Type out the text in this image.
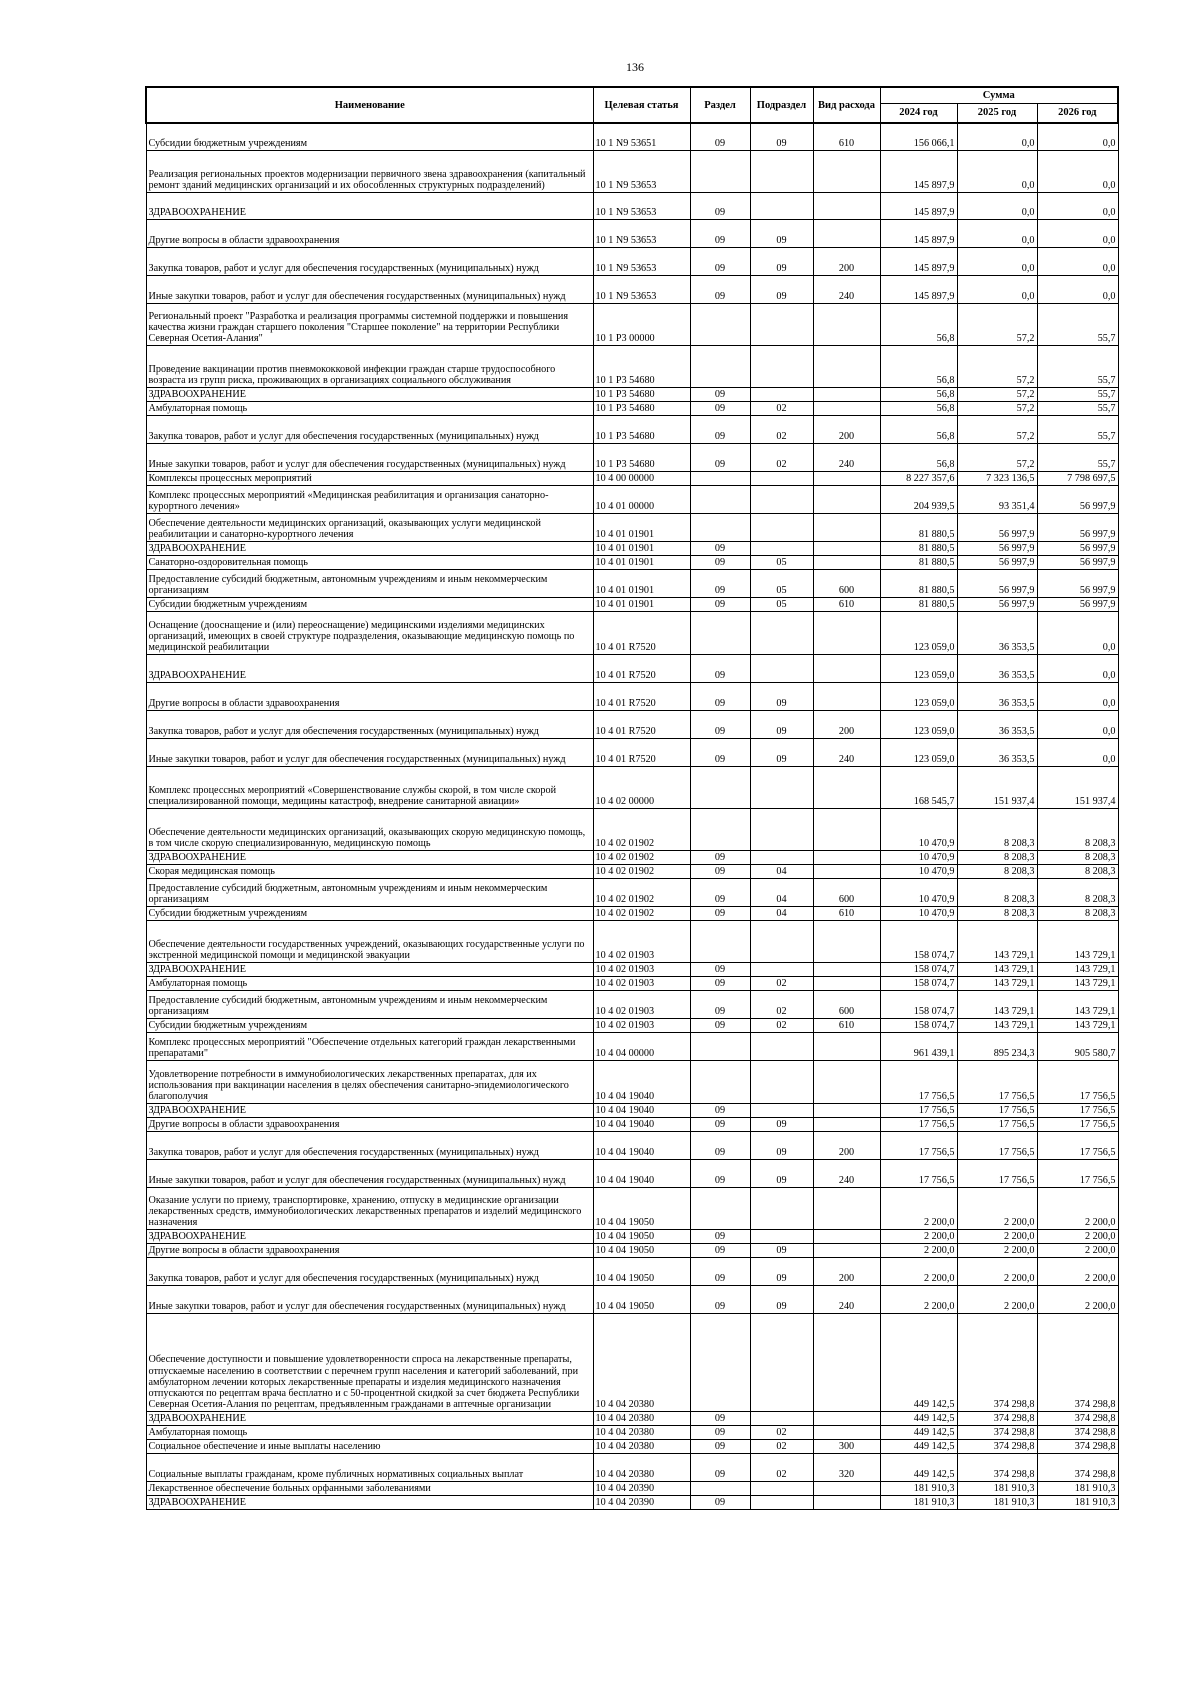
136
Наименование	Целевая статья	Раздел	Подраздел	Вид расхода	Сумма		
					2024 год	2025 год	2026 год
Субсидии бюджетным учреждениям	10 1 N9 53651	09	09	610	156 066,1	0,0	0,0
Реализация региональных проектов модернизации первичного звена здравоохранения (капитальный ремонт зданий медицинских организаций и их обособленных структурных подразделений)	10 1 N9 53653				145 897,9	0,0	0,0
ЗДРАВООХРАНЕНИЕ	10 1 N9 53653	09			145 897,9	0,0	0,0
Другие вопросы в области здравоохранения	10 1 N9 53653	09	09		145 897,9	0,0	0,0
Закупка товаров, работ и услуг для обеспечения государственных (муниципальных) нужд	10 1 N9 53653	09	09	200	145 897,9	0,0	0,0
Иные закупки товаров, работ и услуг для обеспечения государственных (муниципальных) нужд	10 1 N9 53653	09	09	240	145 897,9	0,0	0,0
Региональный проект "Разработка и реализация программы системной поддержки и повышения качества жизни граждан старшего поколения "Старшее поколение" на территории Республики Северная Осетия-Алания"	10 1 P3 00000				56,8	57,2	55,7
Проведение вакцинации против пневмококковой инфекции граждан старше трудоспособного возраста из групп риска, проживающих в организациях социального обслуживания	10 1 P3 54680				56,8	57,2	55,7
ЗДРАВООХРАНЕНИЕ	10 1 P3 54680	09			56,8	57,2	55,7
Амбулаторная помощь	10 1 P3 54680	09	02		56,8	57,2	55,7
Закупка товаров, работ и услуг для обеспечения государственных (муниципальных) нужд	10 1 P3 54680	09	02	200	56,8	57,2	55,7
Иные закупки товаров, работ и услуг для обеспечения государственных (муниципальных) нужд	10 1 P3 54680	09	02	240	56,8	57,2	55,7
Комплексы процессных мероприятий	10 4 00 00000				8 227 357,6	7 323 136,5	7 798 697,5
Комплекс процессных мероприятий «Медицинская реабилитация и организация санаторно-курортного лечения»	10 4 01 00000				204 939,5	93 351,4	56 997,9
Обеспечение деятельности медицинских организаций, оказывающих услуги медицинской реабилитации и санаторно-курортного лечения	10 4 01 01901				81 880,5	56 997,9	56 997,9
ЗДРАВООХРАНЕНИЕ	10 4 01 01901	09			81 880,5	56 997,9	56 997,9
Санаторно-оздоровительная помощь	10 4 01 01901	09	05		81 880,5	56 997,9	56 997,9
Предоставление субсидий бюджетным, автономным учреждениям и иным некоммерческим организациям	10 4 01 01901	09	05	600	81 880,5	56 997,9	56 997,9
Субсидии бюджетным учреждениям	10 4 01 01901	09	05	610	81 880,5	56 997,9	56 997,9
Оснащение (дооснащение и (или) переоснащение) медицинскими изделиями медицинских организаций, имеющих в своей структуре подразделения, оказывающие медицинскую помощь по медицинской реабилитации	10 4 01 R7520				123 059,0	36 353,5	0,0
ЗДРАВООХРАНЕНИЕ	10 4 01 R7520	09			123 059,0	36 353,5	0,0
Другие вопросы в области здравоохранения	10 4 01 R7520	09	09		123 059,0	36 353,5	0,0
Закупка товаров, работ и услуг для обеспечения государственных (муниципальных) нужд	10 4 01 R7520	09	09	200	123 059,0	36 353,5	0,0
Иные закупки товаров, работ и услуг для обеспечения государственных (муниципальных) нужд	10 4 01 R7520	09	09	240	123 059,0	36 353,5	0,0
Комплекс процессных мероприятий «Совершенствование службы скорой, в том числе скорой специализированной помощи, медицины катастроф, внедрение санитарной авиации»	10 4 02 00000				168 545,7	151 937,4	151 937,4
Обеспечение деятельности медицинских организаций, оказывающих скорую медицинскую помощь, в том числе скорую специализированную, медицинскую помощь	10 4 02 01902				10 470,9	8 208,3	8 208,3
ЗДРАВООХРАНЕНИЕ	10 4 02 01902	09			10 470,9	8 208,3	8 208,3
Скорая медицинская помощь	10 4 02 01902	09	04		10 470,9	8 208,3	8 208,3
Предоставление субсидий бюджетным, автономным учреждениям и иным некоммерческим организациям	10 4 02 01902	09	04	600	10 470,9	8 208,3	8 208,3
Субсидии бюджетным учреждениям	10 4 02 01902	09	04	610	10 470,9	8 208,3	8 208,3
Обеспечение деятельности государственных учреждений, оказывающих государственные услуги по экстренной медицинской помощи и медицинской эвакуации	10 4 02 01903				158 074,7	143 729,1	143 729,1
ЗДРАВООХРАНЕНИЕ	10 4 02 01903	09			158 074,7	143 729,1	143 729,1
Амбулаторная помощь	10 4 02 01903	09	02		158 074,7	143 729,1	143 729,1
Предоставление субсидий бюджетным, автономным учреждениям и иным некоммерческим организациям	10 4 02 01903	09	02	600	158 074,7	143 729,1	143 729,1
Субсидии бюджетным учреждениям	10 4 02 01903	09	02	610	158 074,7	143 729,1	143 729,1
Комплекс процессных мероприятий "Обеспечение отдельных категорий граждан лекарственными препаратами"	10 4 04 00000				961 439,1	895 234,3	905 580,7
Удовлетворение потребности в иммунобиологических лекарственных препаратах, для их использования при вакцинации населения в целях обеспечения санитарно-эпидемиологического благополучия	10 4 04 19040				17 756,5	17 756,5	17 756,5
ЗДРАВООХРАНЕНИЕ	10 4 04 19040	09			17 756,5	17 756,5	17 756,5
Другие вопросы в области здравоохранения	10 4 04 19040	09	09		17 756,5	17 756,5	17 756,5
Закупка товаров, работ и услуг для обеспечения государственных (муниципальных) нужд	10 4 04 19040	09	09	200	17 756,5	17 756,5	17 756,5
Иные закупки товаров, работ и услуг для обеспечения государственных (муниципальных) нужд	10 4 04 19040	09	09	240	17 756,5	17 756,5	17 756,5
Оказание услуги по приему, транспортировке, хранению, отпуску в медицинские организации лекарственных средств, иммунобиологических лекарственных препаратов и изделий медицинского назначения	10 4 04 19050				2 200,0	2 200,0	2 200,0
ЗДРАВООХРАНЕНИЕ	10 4 04 19050	09			2 200,0	2 200,0	2 200,0
Другие вопросы в области здравоохранения	10 4 04 19050	09	09		2 200,0	2 200,0	2 200,0
Закупка товаров, работ и услуг для обеспечения государственных (муниципальных) нужд	10 4 04 19050	09	09	200	2 200,0	2 200,0	2 200,0
Иные закупки товаров, работ и услуг для обеспечения государственных (муниципальных) нужд	10 4 04 19050	09	09	240	2 200,0	2 200,0	2 200,0
Обеспечение доступности и повышение удовлетворенности спроса на лекарственные препараты, отпускаемые населению в соответствии с перечнем групп населения и категорий заболеваний, при амбулаторном лечении которых лекарственные препараты и изделия медицинского назначения отпускаются по рецептам врача бесплатно и с 50-процентной скидкой за счет бюджета Республики Северная Осетия-Алания по рецептам, предъявленным гражданами в аптечные организации	10 4 04 20380				449 142,5	374 298,8	374 298,8
ЗДРАВООХРАНЕНИЕ	10 4 04 20380	09			449 142,5	374 298,8	374 298,8
Амбулаторная помощь	10 4 04 20380	09	02		449 142,5	374 298,8	374 298,8
Социальное обеспечение и иные выплаты населению	10 4 04 20380	09	02	300	449 142,5	374 298,8	374 298,8
Социальные выплаты гражданам, кроме публичных нормативных социальных выплат	10 4 04 20380	09	02	320	449 142,5	374 298,8	374 298,8
Лекарственное обеспечение больных орфанными заболеваниями	10 4 04 20390				181 910,3	181 910,3	181 910,3
ЗДРАВООХРАНЕНИЕ	10 4 04 20390	09			181 910,3	181 910,3	181 910,3
